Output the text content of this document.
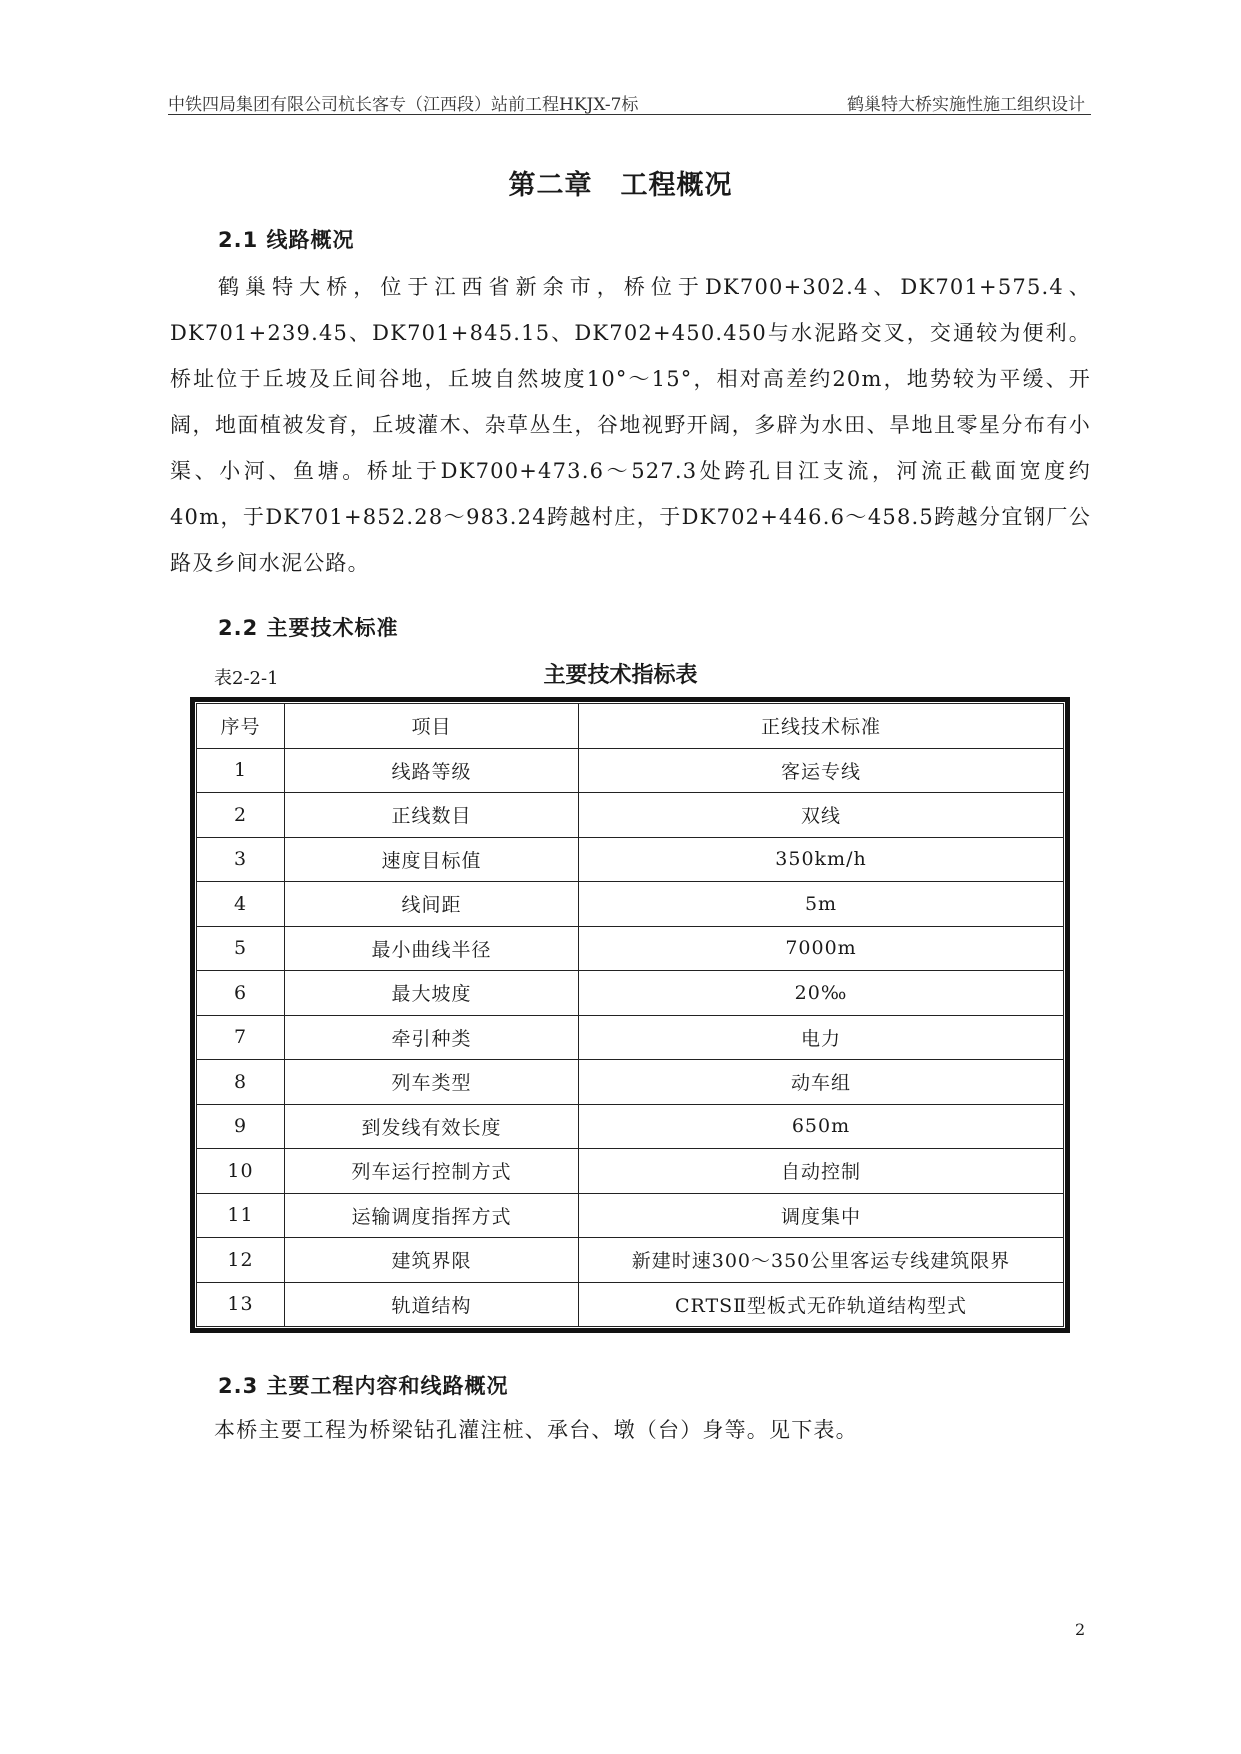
中铁四局集团有限公司杭长客专（江西段）站前工程HKJX-7标	鹤巢特大桥实施性施工组织设计
第二章　工程概况
2.1 线路概况
鹤巢特大桥，位于江西省新余市，桥位于DK700+302.4、DK701+575.4、DK701+239.45、DK701+845.15、DK702+450.450与水泥路交叉，交通较为便利。桥址位于丘坡及丘间谷地，丘坡自然坡度10°～15°，相对高差约20m，地势较为平缓、开阔，地面植被发育，丘坡灌木、杂草丛生，谷地视野开阔，多辟为水田、旱地且零星分布有小渠、小河、鱼塘。桥址于DK700+473.6～527.3处跨孔目江支流，河流正截面宽度约40m，于DK701+852.28～983.24跨越村庄，于DK702+446.6～458.5跨越分宜钢厂公路及乡间水泥公路。
2.2 主要技术标准
表2-2-1	主要技术指标表
序号	项目	正线技术标准
1	线路等级	客运专线
2	正线数目	双线
3	速度目标值	350km/h
4	线间距	5m
5	最小曲线半径	7000m
6	最大坡度	20‰
7	牵引种类	电力
8	列车类型	动车组
9	到发线有效长度	650m
10	列车运行控制方式	自动控制
11	运输调度指挥方式	调度集中
12	建筑界限	新建时速300～350公里客运专线建筑限界
13	轨道结构	CRTSⅡ型板式无砟轨道结构型式
2.3 主要工程内容和线路概况
本桥主要工程为桥梁钻孔灌注桩、承台、墩（台）身等。见下表。
2
